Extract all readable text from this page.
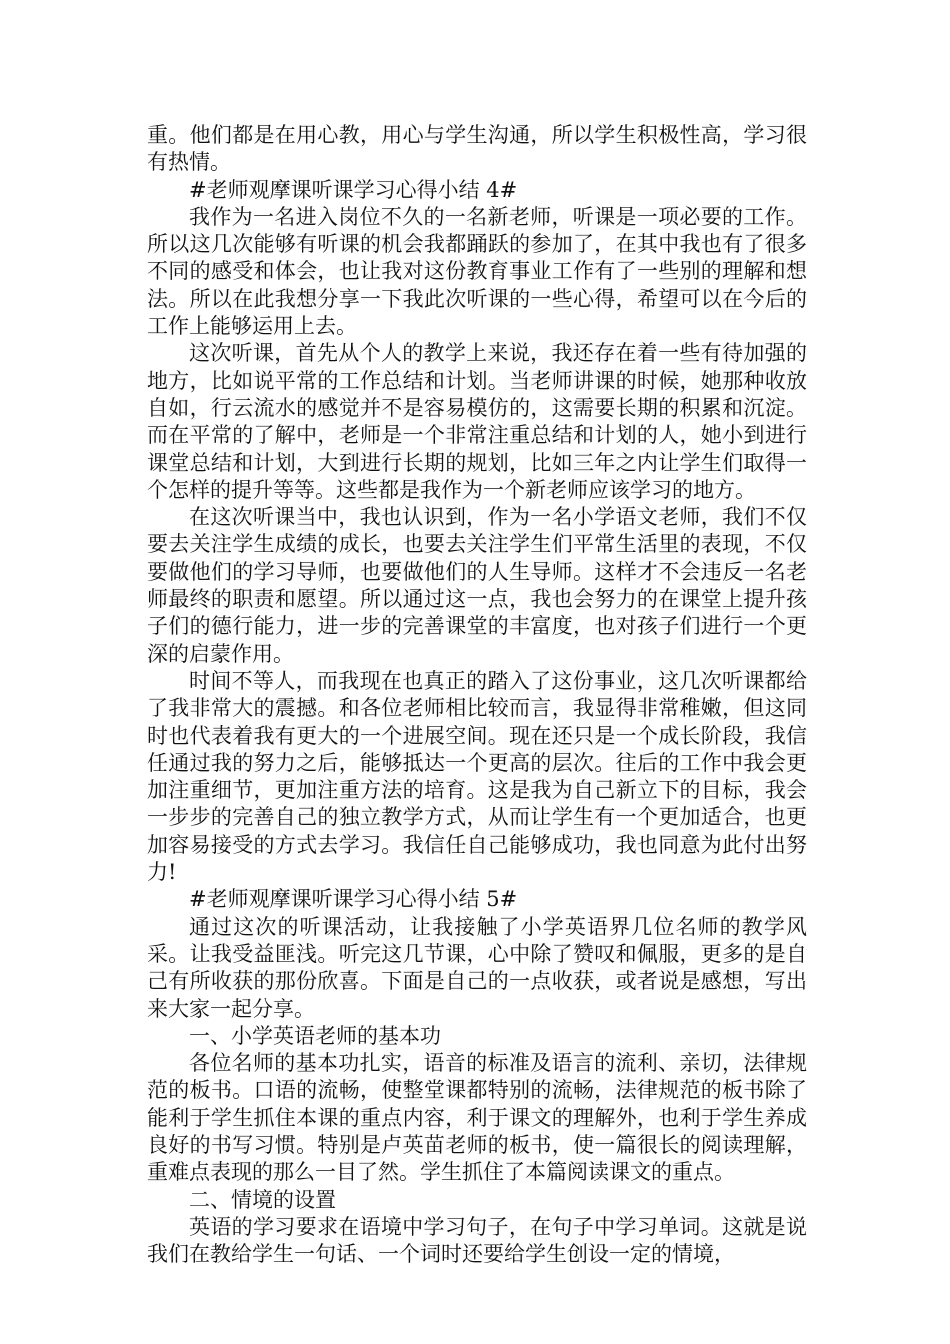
重。他们都是在用心教，用心与学生沟通，所以学生积极性高，学习很有热情。

#老师观摩课听课学习心得小结 4#

我作为一名进入岗位不久的一名新老师，听课是一项必要的工作。所以这几次能够有听课的机会我都踊跃的参加了，在其中我也有了很多不同的感受和体会，也让我对这份教育事业工作有了一些别的理解和想法。所以在此我想分享一下我此次听课的一些心得，希望可以在今后的工作上能够运用上去。

这次听课，首先从个人的教学上来说，我还存在着一些有待加强的地方，比如说平常的工作总结和计划。当老师讲课的时候，她那种收放自如，行云流水的感觉并不是容易模仿的，这需要长期的积累和沉淀。而在平常的了解中，老师是一个非常注重总结和计划的人，她小到进行课堂总结和计划，大到进行长期的规划，比如三年之内让学生们取得一个怎样的提升等等。这些都是我作为一个新老师应该学习的地方。

在这次听课当中，我也认识到，作为一名小学语文老师，我们不仅要去关注学生成绩的成长，也要去关注学生们平常生活里的表现，不仅要做他们的学习导师，也要做他们的人生导师。这样才不会违反一名老师最终的职责和愿望。所以通过这一点，我也会努力的在课堂上提升孩子们的德行能力，进一步的完善课堂的丰富度，也对孩子们进行一个更深的启蒙作用。

时间不等人，而我现在也真正的踏入了这份事业，这几次听课都给了我非常大的震撼。和各位老师相比较而言，我显得非常稚嫩，但这同时也代表着我有更大的一个进展空间。现在还只是一个成长阶段，我信任通过我的努力之后，能够抵达一个更高的层次。往后的工作中我会更加注重细节，更加注重方法的培育。这是我为自己新立下的目标，我会一步步的完善自己的独立教学方式，从而让学生有一个更加适合，也更加容易接受的方式去学习。我信任自己能够成功，我也同意为此付出努力!

#老师观摩课听课学习心得小结 5#

通过这次的听课活动，让我接触了小学英语界几位名师的教学风采。让我受益匪浅。听完这几节课，心中除了赞叹和佩服，更多的是自己有所收获的那份欣喜。下面是自己的一点收获，或者说是感想，写出来大家一起分享。

一、小学英语老师的基本功

各位名师的基本功扎实，语音的标准及语言的流利、亲切，法律规范的板书。口语的流畅，使整堂课都特别的流畅，法律规范的板书除了能利于学生抓住本课的重点内容，利于课文的理解外，也利于学生养成良好的书写习惯。特别是卢英苗老师的板书，使一篇很长的阅读理解，重难点表现的那么一目了然。学生抓住了本篇阅读课文的重点。

二、情境的设置

英语的学习要求在语境中学习句子，在句子中学习单词。这就是说我们在教给学生一句话、一个词时还要给学生创设一定的情境，
